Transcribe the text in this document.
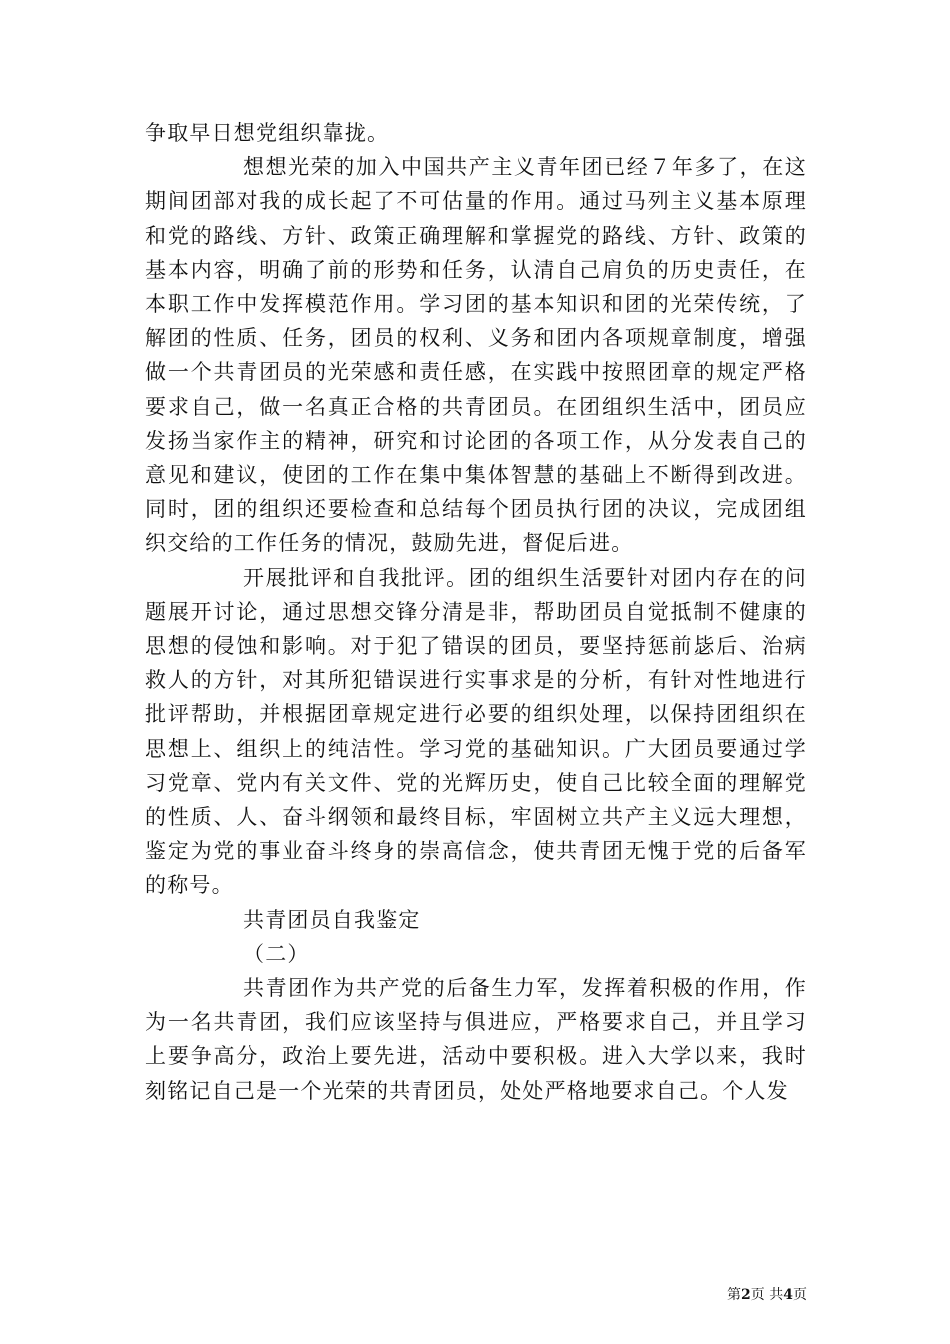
争取早日想党组织靠拢。

想想光荣的加入中国共产主义青年团已经７年多了，在这期间团部对我的成长起了不可估量的作用。通过马列主义基本原理和党的路线、方针、政策正确理解和掌握党的路线、方针、政策的基本内容，明确了前的形势和任务，认清自己肩负的历史责任，在本职工作中发挥模范作用。学习团的基本知识和团的光荣传统，了解团的性质、任务，团员的权利、义务和团内各项规章制度，增强做一个共青团员的光荣感和责任感，在实践中按照团章的规定严格要求自己，做一名真正合格的共青团员。在团组织生活中，团员应发扬当家作主的精神，研究和讨论团的各项工作，从分发表自己的意见和建议，使团的工作在集中集体智慧的基础上不断得到改进。同时，团的组织还要检查和总结每个团员执行团的决议，完成团组织交给的工作任务的情况，鼓励先进，督促后进。

开展批评和自我批评。团的组织生活要针对团内存在的问题展开讨论，通过思想交锋分清是非，帮助团员自觉抵制不健康的思想的侵蚀和影响。对于犯了错误的团员，要坚持惩前毖后、治病救人的方针，对其所犯错误进行实事求是的分析，有针对性地进行批评帮助，并根据团章规定进行必要的组织处理，以保持团组织在思想上、组织上的纯洁性。学习党的基础知识。广大团员要通过学习党章、党内有关文件、党的光辉历史，使自己比较全面的理解党的性质、人、奋斗纲领和最终目标，牢固树立共产主义远大理想，鉴定为党的事业奋斗终身的崇高信念，使共青团无愧于党的后备军的称号。

共青团员自我鉴定

（二）

共青团作为共产党的后备生力军，发挥着积极的作用，作为一名共青团，我们应该坚持与俱进应，严格要求自己，并且学习上要争高分，政治上要先进，活动中要积极。进入大学以来，我时刻铭记自己是一个光荣的共青团员，处处严格地要求自己。个人发

第2页 共4页
